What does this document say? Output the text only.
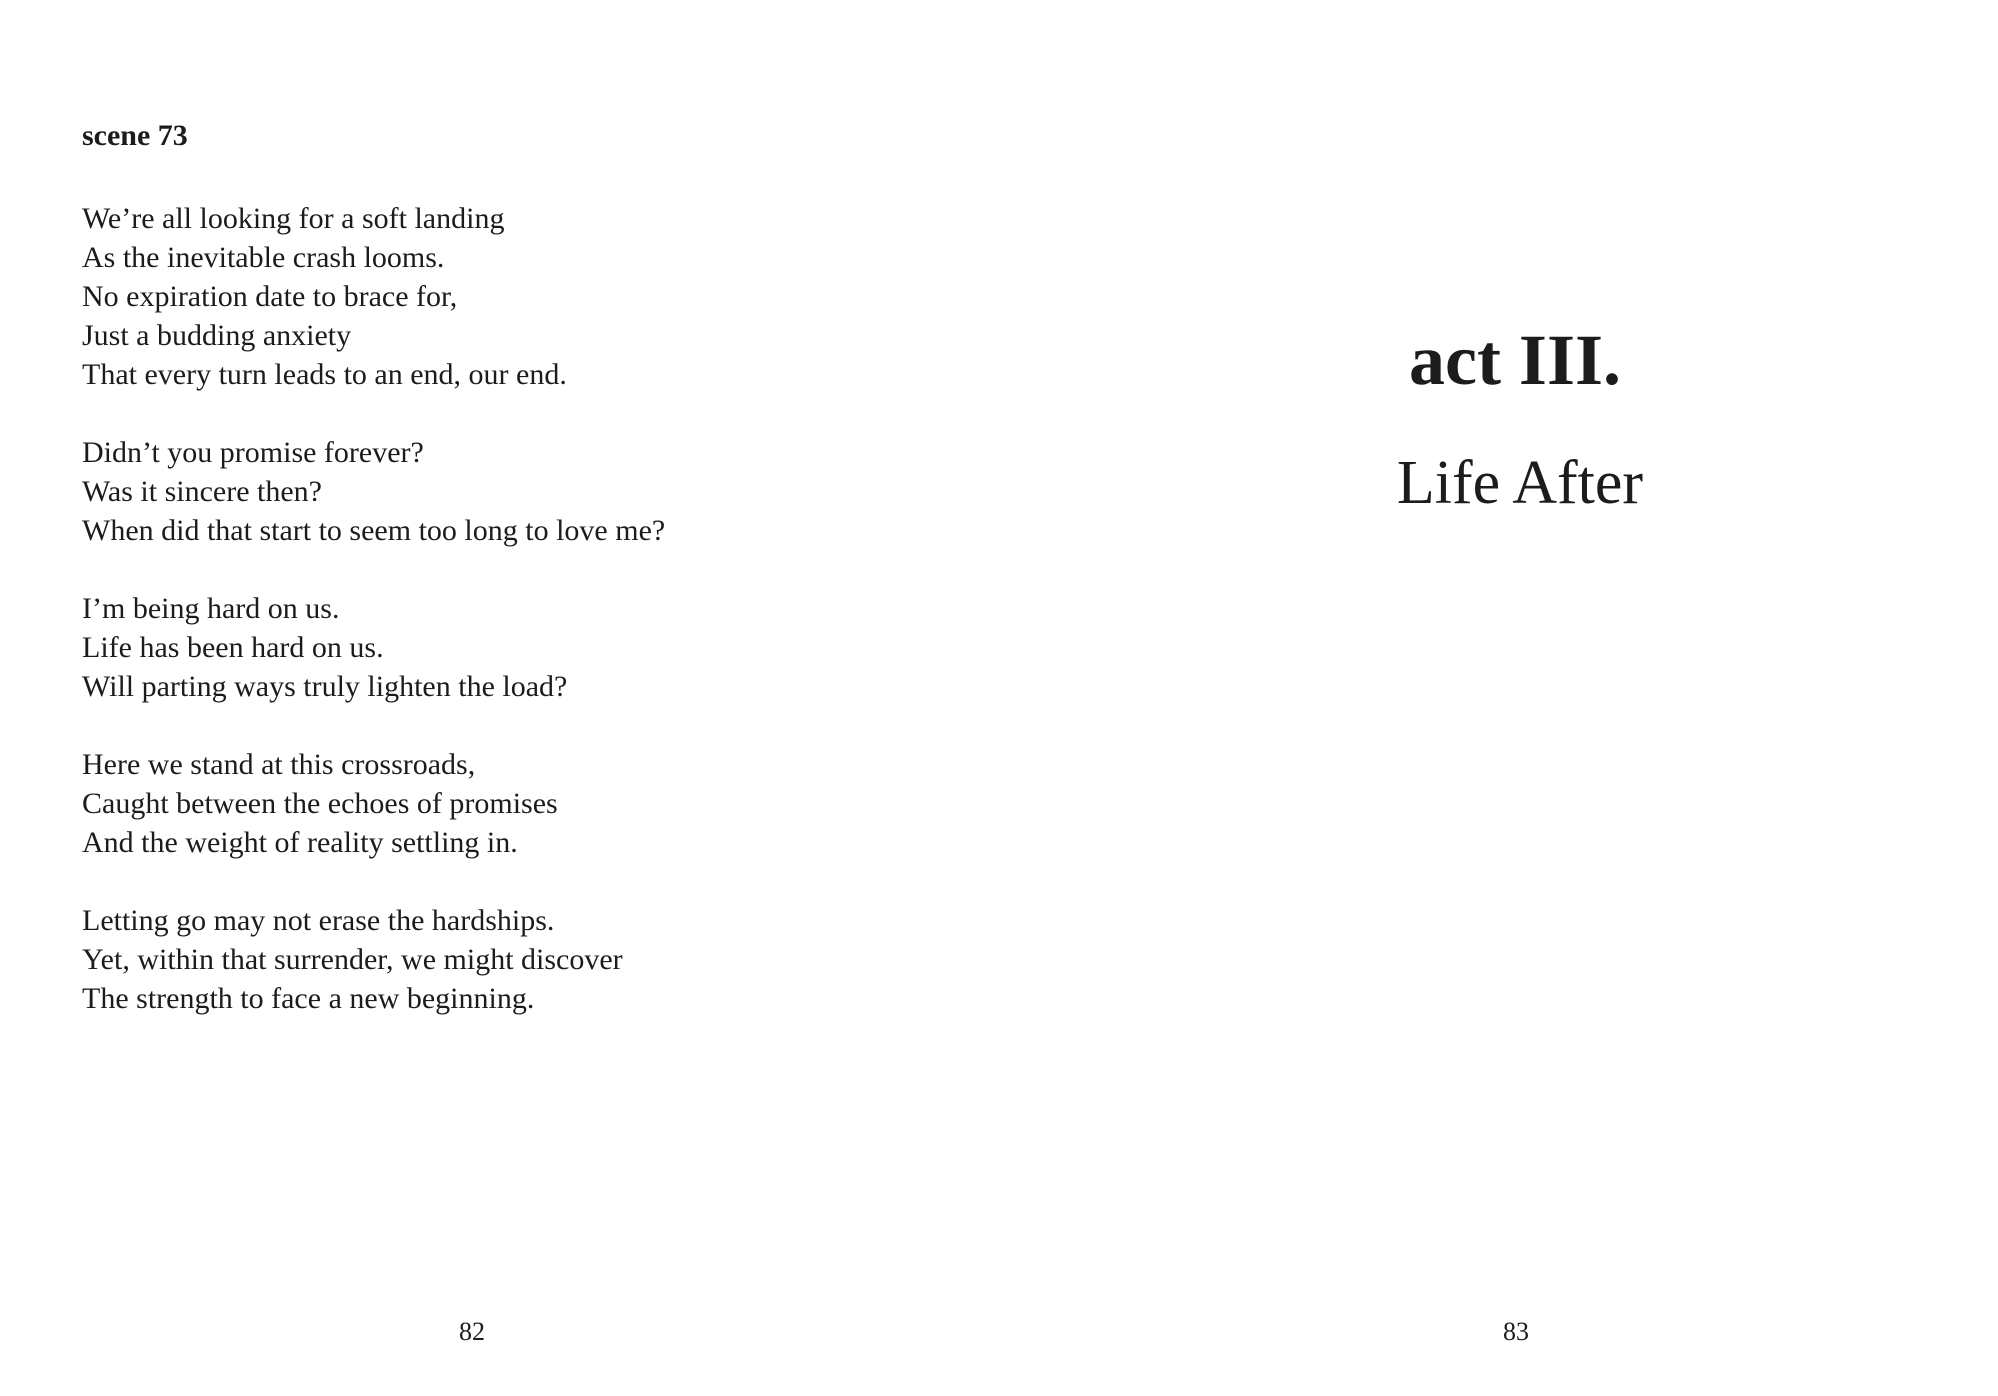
scene 73

We’re all looking for a soft landing
As the inevitable crash looms.
No expiration date to brace for,
Just a budding anxiety
That every turn leads to an end, our end.

Didn’t you promise forever?
Was it sincere then?
When did that start to seem too long to love me?

I’m being hard on us.
Life has been hard on us.
Will parting ways truly lighten the load?

Here we stand at this crossroads,
Caught between the echoes of promises
And the weight of reality settling in.

Letting go may not erase the hardships.
Yet, within that surrender, we might discover
The strength to face a new beginning.

82
act III.
Life After
83
